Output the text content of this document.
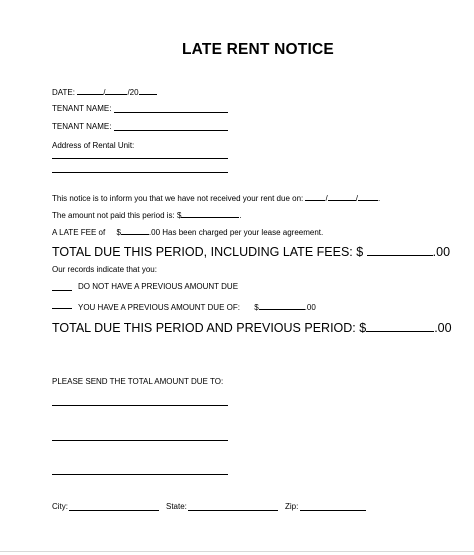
LATE RENT NOTICE
DATE:	/	/20
TENANT NAME:
TENANT NAME:
Address of Rental Unit:
This notice is to inform you that we have not received your rent due on:	/	/	.
The amount not paid this period is: $	.
A LATE FEE of $	.00 Has been charged per your lease agreement.
TOTAL DUE THIS PERIOD, INCLUDING LATE FEES: $	.00
Our records indicate that you:
DO NOT HAVE A PREVIOUS AMOUNT DUE
YOU HAVE A PREVIOUS AMOUNT DUE OF: $	.00
TOTAL DUE THIS PERIOD AND PREVIOUS PERIOD: $	.00
PLEASE SEND THE TOTAL AMOUNT DUE TO:
City:	State:	Zip:
